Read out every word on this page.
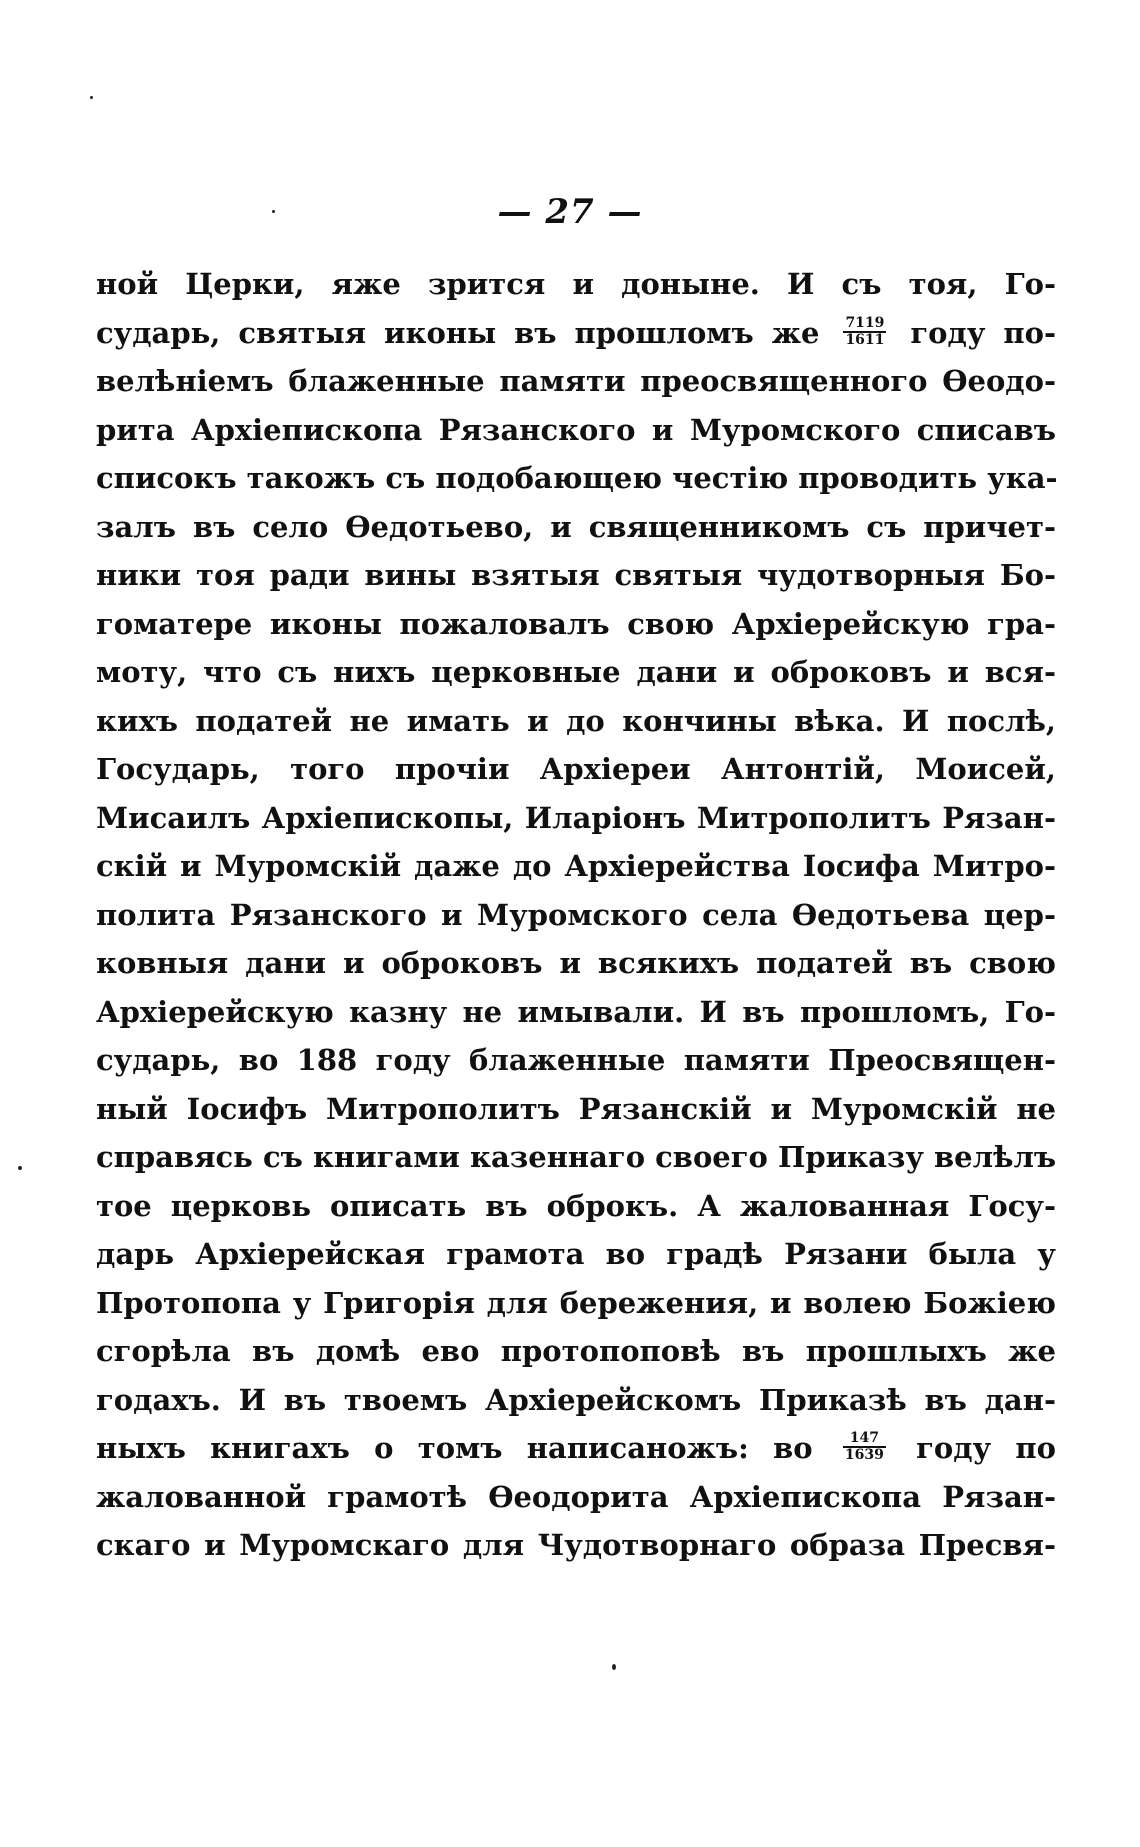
— 27 —
ной Церки, яже зрится и доныне. И съ тоя, Го-
сударь, святыя иконы въ прошломъ же $\frac{7119}{1611}$ году по-
велѣніемъ блаженные памяти преосвященного Ѳеодо-
рита Архіепископа Рязанского и Муромского списавъ
списокъ такожъ съ подобающею честію проводить ука-
залъ въ село Ѳедотьево, и священникомъ съ причет-
ники тоя ради вины взятыя святыя чудотворныя Бо-
гоматере иконы пожаловалъ свою Архіерейскую гра-
моту, что съ нихъ церковные дани и оброковъ и вся-
кихъ податей не имать и до кончины вѣка. И послѣ,
Государь, того прочіи Архіереи Антонтій, Моисей,
Мисаилъ Архіепископы, Иларіонъ Митрополитъ Рязан-
скій и Муромскій даже до Архіерейства Іосифа Митро-
полита Рязанского и Муромского села Ѳедотьева цер-
ковныя дани и оброковъ и всякихъ податей въ свою
Архіерейскую казну не имывали. И въ прошломъ, Го-
сударь, во 188 году блаженные памяти Преосвящен-
ный Іосифъ Митрополитъ Рязанскій и Муромскій не
справясь съ книгами казеннаго своего Приказу велѣлъ
тое церковь описать въ оброкъ. А жалованная Госу-
дарь Архіерейская грамота во градѣ Рязани была у
Протопопа у Григорія для бережения, и волею Божіею
сгорѣла въ домѣ ево протопоповѣ въ прошлыхъ же
годахъ. И въ твоемъ Архіерейскомъ Приказѣ въ дан-
ныхъ книгахъ о томъ написаножъ: во $\frac{147}{1639}$ году по
жалованной грамотѣ Ѳеодорита Архіепископа Рязан-
скаго и Муромскаго для Чудотворнаго образа Пресвя-
